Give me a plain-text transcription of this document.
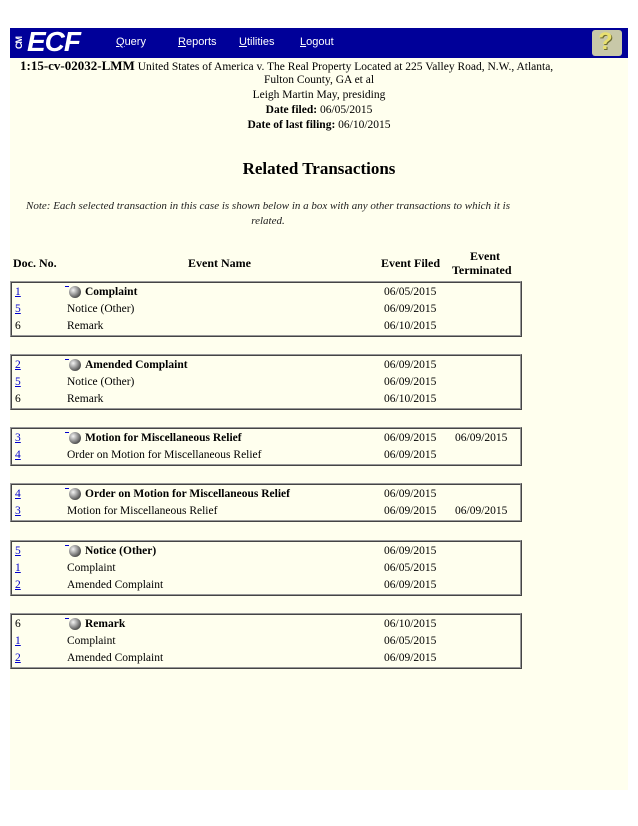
CM ECF	Query	Reports Utilities Logout	?
1:15-cv-02032-LMM United States of America v. The Real Property Located at 225 Valley Road, N.W., Atlanta,
Fulton County, GA et al
Leigh Martin May, presiding
Date filed: 06/05/2015
Date of last filing: 06/10/2015
Related Transactions
Note: Each selected transaction in this case is shown below in a box with any other transactions to which it is related.
Doc. No.	Event Name	Event Filed	Event
Terminated
1	Complaint	06/05/2015
5	Notice (Other)	06/09/2015
6	Remark	06/10/2015
2	Amended Complaint	06/09/2015
5	Notice (Other)	06/09/2015
6	Remark	06/10/2015
3	Motion for Miscellaneous Relief	06/09/2015 06/09/2015
4	Order on Motion for Miscellaneous Relief	06/09/2015
4	Order on Motion for Miscellaneous Relief	06/09/2015
3	Motion for Miscellaneous Relief	06/09/2015 06/09/2015
5	Notice (Other)	06/09/2015
1	Complaint	06/05/2015
2	Amended Complaint	06/09/2015
6	Remark	06/10/2015
1	Complaint	06/05/2015
2	Amended Complaint	06/09/2015
